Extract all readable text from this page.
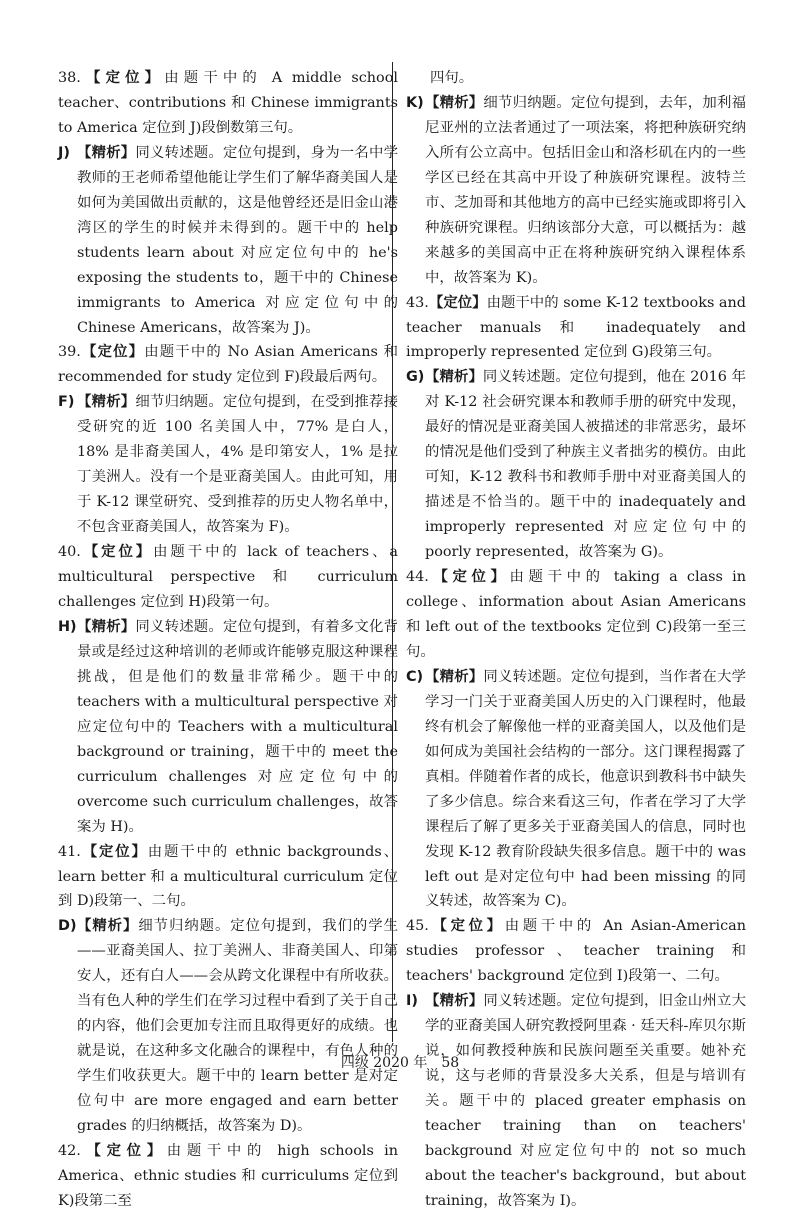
38.【定位】由题干中的 A middle school teacher、contributions 和 Chinese immigrants to America 定位到 J)段倒数第三句。

J) 【精析】同义转述题。定位句提到，身为一名中学教师的王老师希望他能让学生们了解华裔美国人是如何为美国做出贡献的，这是他曾经还是旧金山港湾区的学生的时候并未得到的。题干中的 help students learn about 对应定位句中的 he's exposing the students to，题干中的 Chinese immigrants to America 对应定位句中的 Chinese Americans，故答案为 J)。

39.【定位】由题干中的 No Asian Americans 和 recommended for study 定位到 F)段最后两句。

F) 【精析】细节归纳题。定位句提到，在受到推荐接受研究的近 100 名美国人中，77% 是白人，18% 是非裔美国人，4% 是印第安人，1% 是拉丁美洲人。没有一个是亚裔美国人。由此可知，用于 K-12 课堂研究、受到推荐的历史人物名单中，不包含亚裔美国人，故答案为 F)。

40.【定位】由题干中的 lack of teachers、a multicultural perspective 和 curriculum challenges 定位到 H)段第一句。

H) 【精析】同义转述题。定位句提到，有着多文化背景或是经过这种培训的老师或许能够克服这种课程挑战，但是他们的数量非常稀少。题干中的 teachers with a multicultural perspective 对应定位句中的 Teachers with a multicultural background or training，题干中的 meet the curriculum challenges 对应定位句中的 overcome such curriculum challenges，故答案为 H)。

41.【定位】由题干中的 ethnic backgrounds、learn better 和 a multicultural curriculum 定位到 D)段第一、二句。

D) 【精析】细节归纳题。定位句提到，我们的学生——亚裔美国人、拉丁美洲人、非裔美国人、印第安人，还有白人——会从跨文化课程中有所收获。当有色人种的学生们在学习过程中看到了关于自己的内容，他们会更加专注而且取得更好的成绩。也就是说，在这种多文化融合的课程中，有色人种的学生们收获更大。题干中的 learn better 是对定位句中 are more engaged and earn better grades 的归纳概括，故答案为 D)。

42.【定位】由题干中的 high schools in America、ethnic studies 和 curriculums 定位到 K)段第二至

四句。

K) 【精析】细节归纳题。定位句提到，去年，加利福尼亚州的立法者通过了一项法案，将把种族研究纳入所有公立高中。包括旧金山和洛杉矶在内的一些学区已经在其高中开设了种族研究课程。波特兰市、芝加哥和其他地方的高中已经实施或即将引入种族研究课程。归纳该部分大意，可以概括为：越来越多的美国高中正在将种族研究纳入课程体系中，故答案为 K)。

43.【定位】由题干中的 some K-12 textbooks and teacher manuals 和 inadequately and improperly represented 定位到 G)段第三句。

G) 【精析】同义转述题。定位句提到，他在 2016 年对 K-12 社会研究课本和教师手册的研究中发现，最好的情况是亚裔美国人被描述的非常恶劣，最坏的情况是他们受到了种族主义者拙劣的模仿。由此可知，K-12 教科书和教师手册中对亚裔美国人的描述是不恰当的。题干中的 inadequately and improperly represented 对应定位句中的 poorly represented，故答案为 G)。

44.【定位】由题干中的 taking a class in college、information about Asian Americans 和 left out of the textbooks 定位到 C)段第一至三句。

C) 【精析】同义转述题。定位句提到，当作者在大学学习一门关于亚裔美国人历史的入门课程时，他最终有机会了解像他一样的亚裔美国人，以及他们是如何成为美国社会结构的一部分。这门课程揭露了真相。伴随着作者的成长，他意识到教科书中缺失了多少信息。综合来看这三句，作者在学习了大学课程后了解了更多关于亚裔美国人的信息，同时也发现 K-12 教育阶段缺失很多信息。题干中的 was left out 是对定位句中 had been missing 的同义转述，故答案为 C)。

45.【定位】由题干中的 An Asian-American studies professor、teacher training 和 teachers' background 定位到 I)段第一、二句。

I) 【精析】同义转述题。定位句提到，旧金山州立大学的亚裔美国人研究教授阿里森 · 廷天科-库贝尔斯说，如何教授种族和民族问题至关重要。她补充说，这与老师的背景没多大关系，但是与培训有关。题干中的 placed greater emphasis on teacher training than on teachers' background 对应定位句中的 not so much about the teacher's background，but about training，故答案为 I)。

四级 2020 年　58
